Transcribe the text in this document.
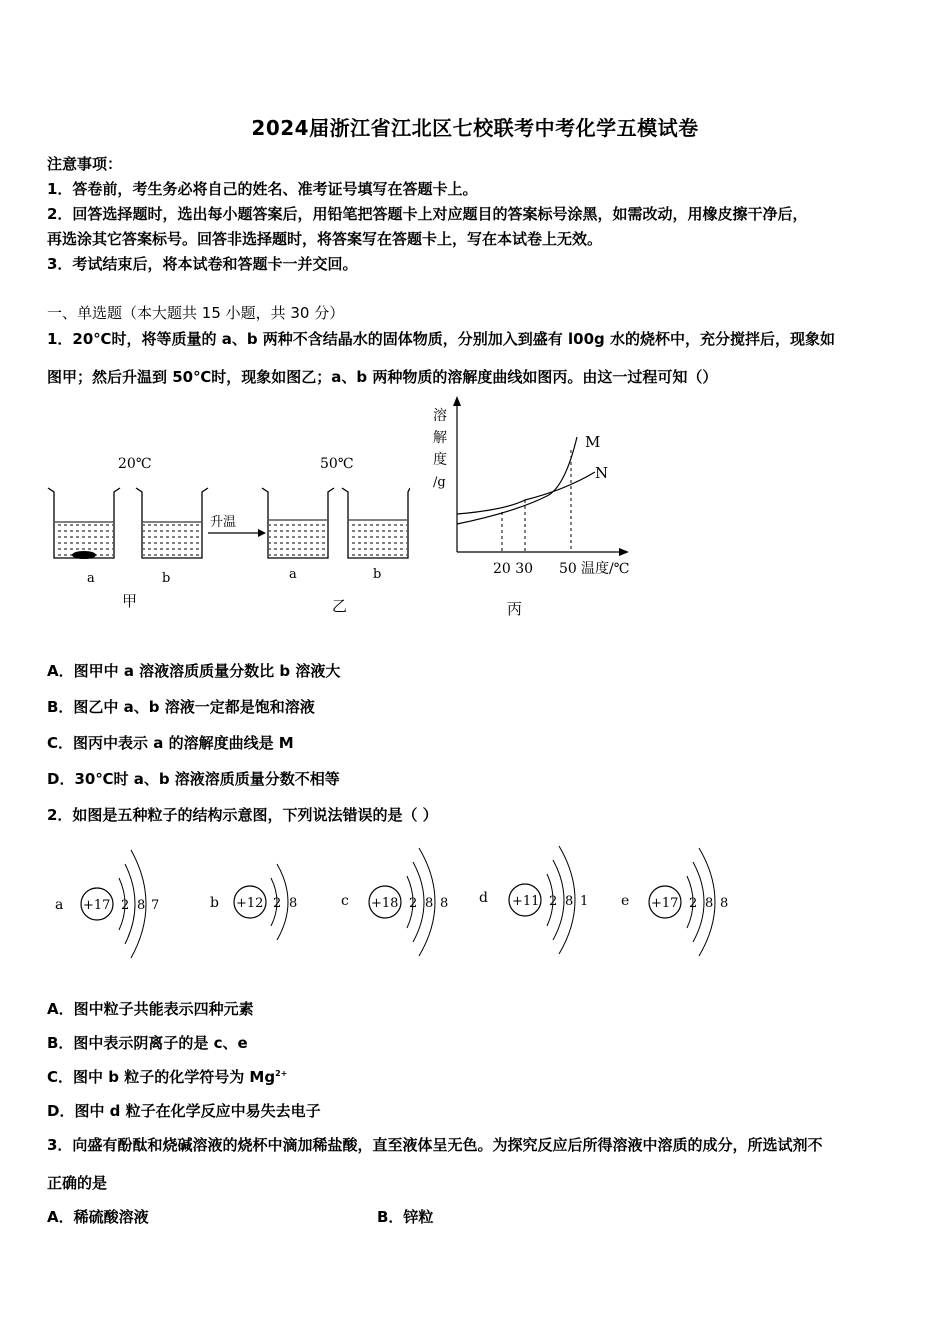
2024届浙江省江北区七校联考中考化学五模试卷
注意事项：
1．答卷前，考生务必将自己的姓名、准考证号填写在答题卡上。
2．回答选择题时，选出每小题答案后，用铅笔把答题卡上对应题目的答案标号涂黑，如需改动，用橡皮擦干净后，
再选涂其它答案标号。回答非选择题时，将答案写在答题卡上，写在本试卷上无效。
3．考试结束后，将本试卷和答题卡一并交回。
一、单选题（本大题共 15 小题，共 30 分）
1．20℃时，将等质量的 a、b 两种不含结晶水的固体物质，分别加入到盛有 l00g 水的烧杯中，充分搅拌后，现象如
图甲；然后升温到 50℃时，现象如图乙；a、b 两种物质的溶解度曲线如图丙。由这一过程可知（）
20℃	50℃
升温
a	b	a	b
甲	乙
溶
解
度
/g
M
N
20 30 50 温度/℃
丙
A．图甲中 a 溶液溶质质量分数比 b 溶液大
B．图乙中 a、b 溶液一定都是饱和溶液
C．图丙中表示 a 的溶解度曲线是 M
D．30℃时 a、b 溶液溶质质量分数不相等
2．如图是五种粒子的结构示意图，下列说法错误的是（ ）
a +17 2 8 7	b +12 2 8	c +18 2 8 8 d +11 2 8 1 e +17 2 8 8
A．图中粒子共能表示四种元素
B．图中表示阴离子的是 c、e
C．图中 b 粒子的化学符号为 $Mg^{2+}$
D．图中 d 粒子在化学反应中易失去电子
3．向盛有酚酞和烧碱溶液的烧杯中滴加稀盐酸，直至液体呈无色。为探究反应后所得溶液中溶质的成分，所选试剂不
正确的是
A．稀硫酸溶液	B．锌粒
